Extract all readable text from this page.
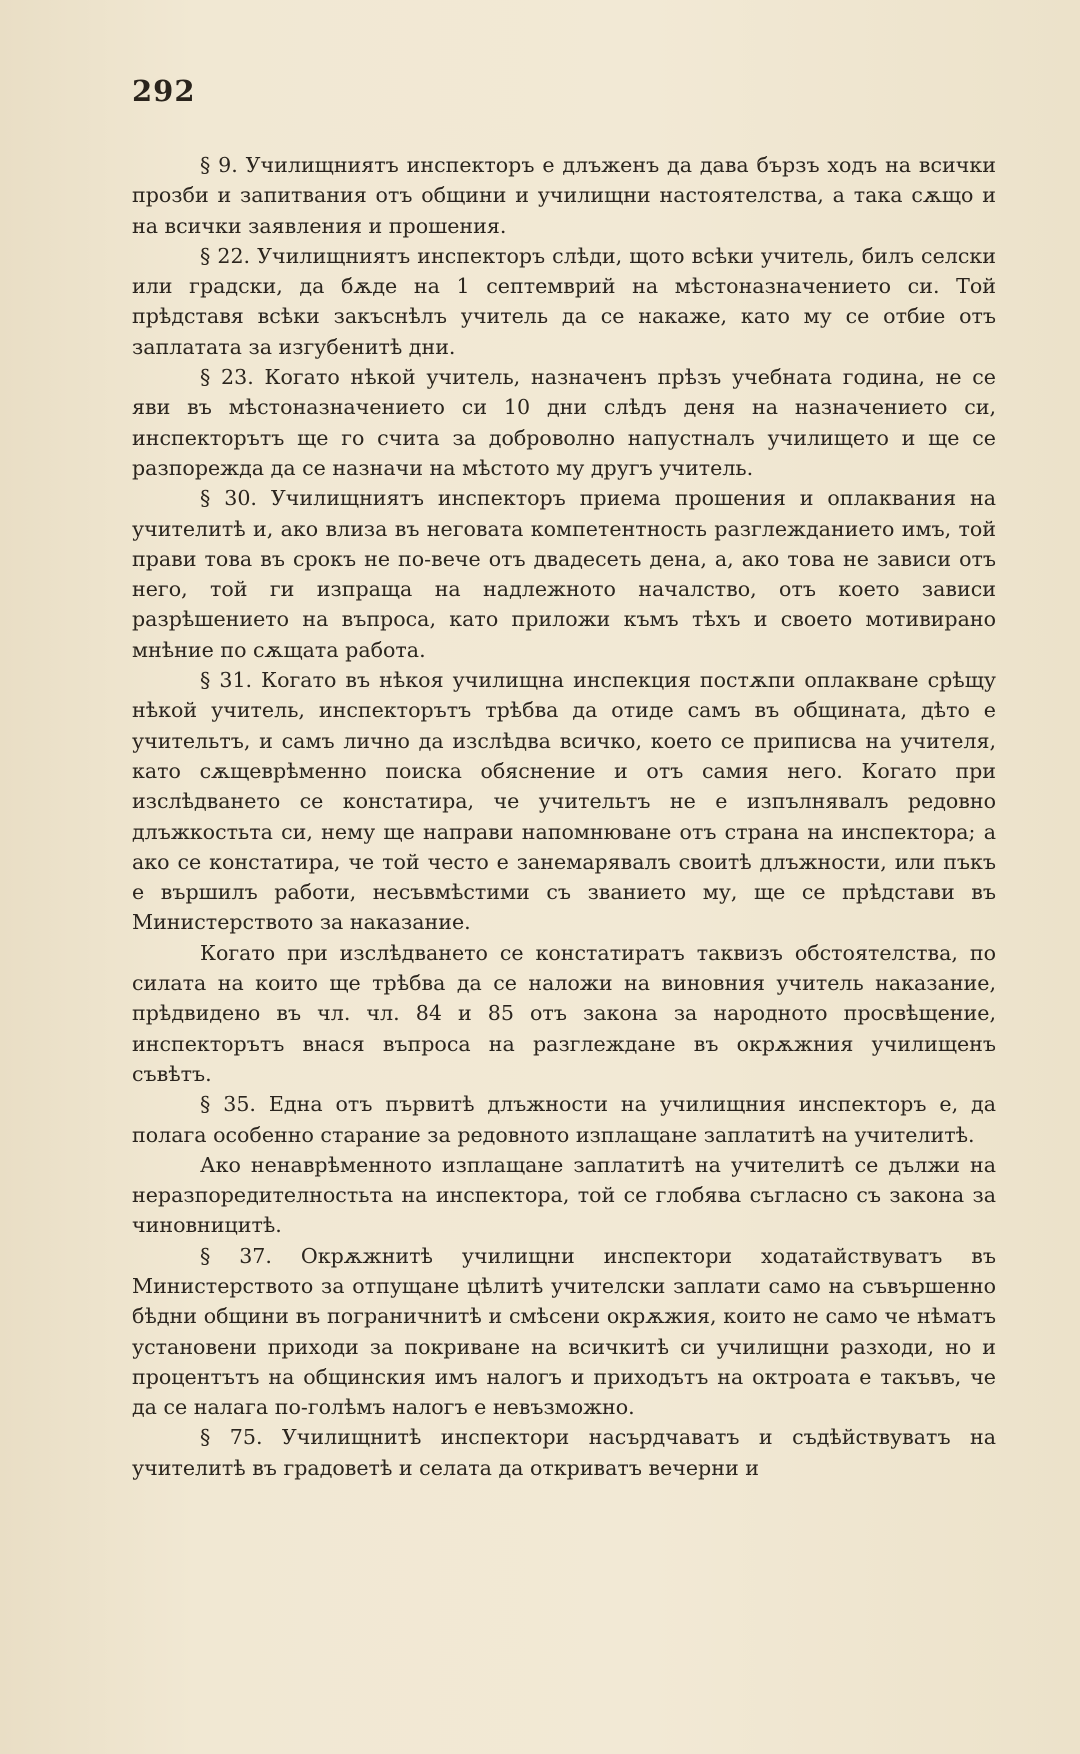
292

§ 9. Училищниятъ инспекторъ е длъженъ да дава бързъ ходъ на всички прозби и запитвания отъ общини и училищни настоятелства, а така сѫщо и на всички заявления и прошения.

§ 22. Училищниятъ инспекторъ слѣди, щото всѣки учитель, билъ селски или градски, да бѫде на 1 септемврий на мѣстоназначението си. Той прѣдставя всѣки закъснѣлъ учитель да се накаже, като му се отбие отъ заплатата за изгубенитѣ дни.

§ 23. Когато нѣкой учитель, назначенъ прѣзъ учебната година, не се яви въ мѣстоназначението си 10 дни слѣдъ деня на назначението си, инспекторътъ ще го счита за доброволно напустналъ училището и ще се разпорежда да се назначи на мѣстото му другъ учитель.

§ 30. Училищниятъ инспекторъ приема прошения и оплаквания на учителитѣ и, ако влиза въ неговата компетентность разглежданието имъ, той прави това въ срокъ не по-вече отъ двадесеть дена, а, ако това не зависи отъ него, той ги изпраща на надлежното началство, отъ което зависи разрѣшението на въпроса, като приложи къмъ тѣхъ и своето мотивирано мнѣние по сѫщата работа.

§ 31. Когато въ нѣкоя училищна инспекция постѫпи оплакване срѣщу нѣкой учитель, инспекторътъ трѣбва да отиде самъ въ общината, дѣто е учительтъ, и самъ лично да изслѣдва всичко, което се приписва на учителя, като сѫщеврѣменно поиска обяснение и отъ самия него. Когато при изслѣдването се констатира, че учительтъ не е изпълнявалъ редовно длъжкостьта си, нему ще направи напомнюване отъ страна на инспектора; а ако се констатира, че той често е занемарявалъ своитѣ длъжности, или пъкъ е вършилъ работи, несъвмѣстими съ званието му, ще се прѣдстави въ Министерството за наказание.

Когато при изслѣдването се констатиратъ таквизъ обстоятелства, по силата на които ще трѣбва да се наложи на виновния учитель наказание, прѣдвидено въ чл. чл. 84 и 85 отъ закона за народното просвѣщение, инспекторътъ внася въпроса на разглеждане въ окрѫжния училищенъ съвѣтъ.

§ 35. Една отъ първитѣ длъжности на училищния инспекторъ е, да полага особенно старание за редовното изплащане заплатитѣ на учителитѣ.

Ако ненаврѣменното изплащане заплатитѣ на учителитѣ се дължи на неразпоредителностьта на инспектора, той се глобява съгласно съ закона за чиновницитѣ.

§ 37. Окрѫжнитѣ училищни инспектори ходатайствуватъ въ Министерството за отпущане цѣлитѣ учителски заплати само на съвършенно бѣдни общини въ пограничнитѣ и смѣсени окрѫжия, които не само че нѣматъ установени приходи за покриване на всичкитѣ си училищни разходи, но и процентътъ на общинския имъ налогъ и приходътъ на октроата е такъвъ, че да се налага по-голѣмъ налогъ е невъзможно.

§ 75. Училищнитѣ инспектори насърдчаватъ и съдѣйствуватъ на учителитѣ въ градоветѣ и селата да откриватъ вечерни и
